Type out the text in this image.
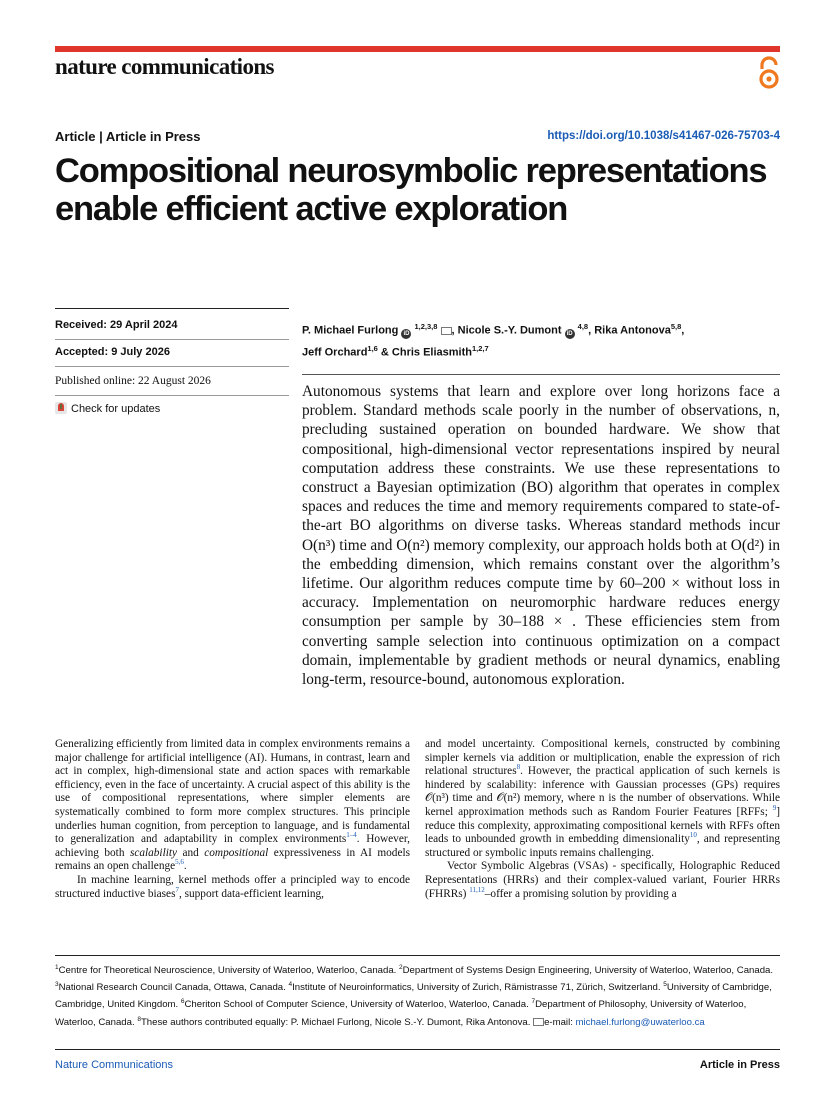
nature communications
Article | Article in Press	https://doi.org/10.1038/s41467-026-75703-4
Compositional neurosymbolic representations enable efficient active exploration
Received: 29 April 2024
Accepted: 9 July 2026
Published online: 22 August 2026
Check for updates
P. Michael Furlong iD $^{1,2,3,8}$ , Nicole S.-Y. Dumont iD $^{4,8}$, Rika Antonova$^{5,8}$,
Jeff Orchard$^{1,6}$ & Chris Eliasmith$^{1,2,7}$

Autonomous systems that learn and explore over long horizons face a problem. Standard methods scale poorly in the number of observations, n, precluding sustained operation on bounded hardware. We show that compositional, high-dimensional vector representations inspired by neural computation address these constraints. We use these representations to construct a Bayesian optimization (BO) algorithm that operates in complex spaces and reduces the time and memory requirements compared to state-of-the-art BO algorithms on diverse tasks. Whereas standard methods incur O(n³) time and O(n²) memory complexity, our approach holds both at O(d²) in the embedding dimension, which remains constant over the algorithm’s lifetime. Our algorithm reduces compute time by 60–200 × without loss in accuracy. Implementation on neuromorphic hardware reduces energy consumption per sample by 30–188 × . These efficiencies stem from converting sample selection into continuous optimization on a compact domain, implementable by gradient methods or neural dynamics, enabling long-term, resource-bound, autonomous exploration.

Generalizing efficiently from limited data in complex environments remains a major challenge for artificial intelligence (AI). Humans, in contrast, learn and act in complex, high-dimensional state and action spaces with remarkable efficiency, even in the face of uncertainty. A crucial aspect of this ability is the use of compositional representations, where simpler elements are systematically combined to form more complex structures. This principle underlies human cognition, from perception to language, and is fundamental to generalization and adaptability in complex environments$^{1-4}$. However, achieving both scalability and compositional expressiveness in AI models remains an open challenge$^{5,6}$.

In machine learning, kernel methods offer a principled way to encode structured inductive biases$^7$, support data-efficient learning,

and model uncertainty. Compositional kernels, constructed by combining simpler kernels via addition or multiplication, enable the expression of rich relational structures$^8$. However, the practical application of such kernels is hindered by scalability: inference with Gaussian processes (GPs) requires 𝒪(n³) time and 𝒪(n²) memory, where n is the number of observations. While kernel approximation methods such as Random Fourier Features [RFFs; $^9$] reduce this complexity, approximating compositional kernels with RFFs often leads to unbounded growth in embedding dimensionality$^{10}$, and representing structured or symbolic inputs remains challenging.

Vector Symbolic Algebras (VSAs) - specifically, Holographic Reduced Representations (HRRs) and their complex-valued variant, Fourier HRRs (FHRRs) $^{11,12}$–offer a promising solution by providing a

$^1$Centre for Theoretical Neuroscience, University of Waterloo, Waterloo, Canada. $^2$Department of Systems Design Engineering, University of Waterloo, Waterloo, Canada. $^3$National Research Council Canada, Ottawa, Canada. $^4$Institute of Neuroinformatics, University of Zurich, Rämistrasse 71, Zürich, Switzerland. $^5$University of Cambridge, Cambridge, United Kingdom. $^6$Cheriton School of Computer Science, University of Waterloo, Waterloo, Canada. $^7$Department of Philosophy, University of Waterloo, Waterloo, Canada. $^8$These authors contributed equally: P. Michael Furlong, Nicole S.-Y. Dumont, Rika Antonova. e-mail: michael.furlong@uwaterloo.ca
Nature Communications	Article in Press
